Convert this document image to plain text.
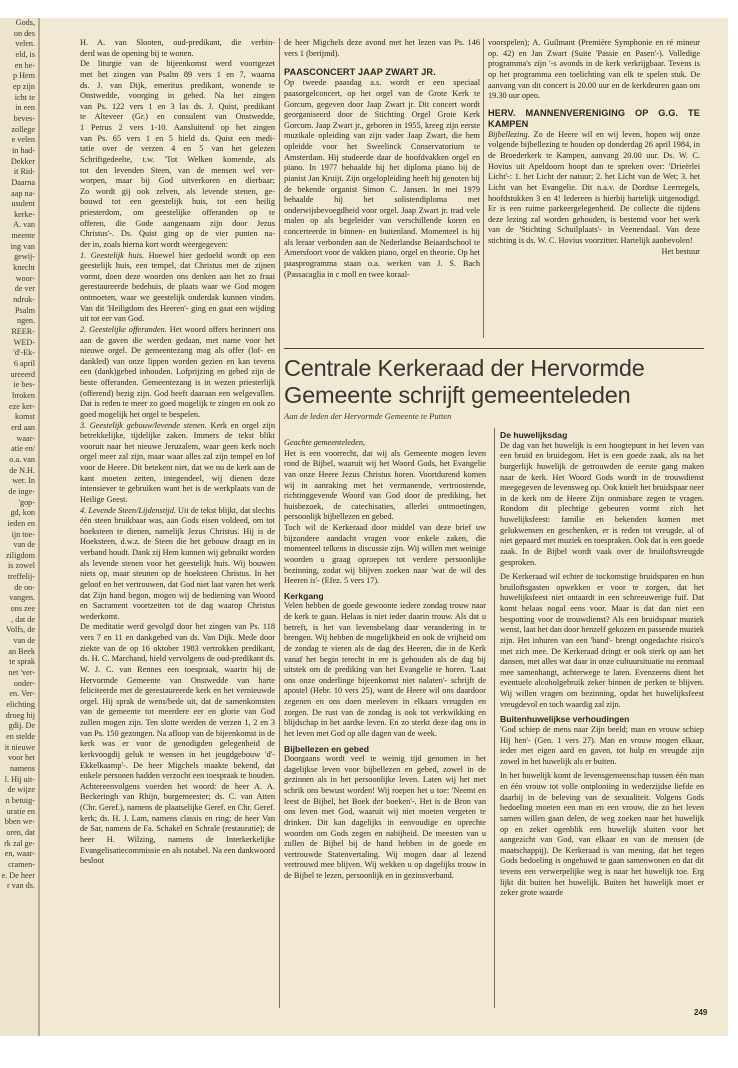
Gods,
on des
velen.
eld, is
en be-
p Hem
ep zijn
icht te
in een
beves-
zollege
e velen
in had-
Dekker
it Rid-
Daarna
aap na-
usulent
kerke-
A. van
meente
ing van
gewij-
knecht
woor-
de ver
ndruk-
Psalm
ngen.
REER-
WED-
'd'-Ek-
6 april
ureeerd
ie bes-
broken
eze ker-
komst
erd aan
waar-
atie en/
o.a. van
de N.H.
wer. In
de inge-
'gop-
gd, kon
ieden en
ijn toe-
van de
ziligdom
is zowel
treffelij-
de on-
vangen.
ons zee
, dat de
Volfs, de
van de
an Beek
te sprak
net 'ver-
onder-
en. Ver-
elichting
droeg hij
gdij. De
en stelde
it nieuwe
voor het
namens
l. Hij uit-
de wijze
n betuig-
uratie en
bben we-
oren, dat
rk zal ge-
en, waar-
cramen-
e. De heer
r van ds.
H. A. van Slooten, oud-predikant, die verbin-
derd was de opening bij te wonen.
De liturgie van de bijeenkomst werd voortgezet
met het zingen van Psalm 89 vers 1 en 7, waarna
ds. J. van Dijk, emeritus predikant, wonende te
Onstwedde, voorging in gebed. Na het zingen
van Ps. 122 vers 1 en 3 las ds. J. Quist, predikant
te Alteveer (Gr.) en consulent van Onstwedde,
1 Petrus 2 vers 1-10. Aansluitend op het zingen
van Ps. 65 vers 1 en 5 hield ds. Quist een medi-
tatie over de verzen 4 en 5 van het gelezen
Schriftgedeelte, t.w. 'Tot Welken komende, als
tot den levenden Steen, van de mensen wel ver-
worpen, maar bij God uitverkoren en dierbaar;
Zo wordt gij ook zelven, als levende stenen, ge-
bouwd tot een geestelijk huis, tot een heilig
priesterdom, om geestelijke offeranden op te
offeren, die Gode aangenaam zijn door Jezus
Christus'-. Ds. Quist ging op de vier punten na-
der in, zoals hierna kort wordt weergegeven:

1. Geestelijk huis. Hoewel hier gedoeld wordt op een geestelijk huis, een tempel, dat Christus met de zijnen vormt, doen deze woorden ons denken aan het zo fraai gerestaureerde bedehuis, de plaats waar we God mogen ontmoeten, waar we geestelijk onderdak kunnen vinden. Van dit 'Heiligdom des Heeren'- ging en gaat een wijding uit tot eer van God.

2. Geestelijke offeranden. Het woord offers herinnert ons aan de gaven die werden gedaan, met name voor het nieuwe orgel. De gemeentezang mag als offer (lof- en dankled) van onze lippen worden gezien en kan tevens een (dank)gebed inhouden. Lofprijzing en gebed zijn de beste offeranden. Gemeentezang is in wezen priesterlijk (offerend) bezig zijn. God heeft daaraan een welgevallen. Dat is reden te meer zo goed mogelijk te zingen en ook zo goed mogelijk het orgel te bespelen.

3. Geestelijk gebouw/levende stenen. Kerk en orgel zijn betrekkelijke, tijdelijke zaken. Immers de tekst blikt vooruit naar het nieuwe Jeruzalem, waar geen kerk noch orgel meer zal zijn, maar waar alles zal zijn tempel en lof voor de Heere. Dit betekent niet, dat we nu de kerk aan de kant moeten zetten, integendeel, wij dienen deze intensiever te gebruiken want het is de werkplaats van de Heilige Geest.

4. Levende Steen/Lijdenstijd. Uit de tekst blijkt, dat slechts één steen bruikbaar was, aan Gods eisen voldeed, om tot hoeksteen te dienen, namelijk Jezus Christus. Hij is de Hoeksteen, d.w.z. de Steen die het gebouw draagt en in verband houdt. Dank zij Hem kunnen wij gebruikt worden als levende stenen voor het geestelijk huis. Wij bouwen niets op, maar steunen op de hoeksteen Christus. In het geloof en het vertrouwen, dat God niet laat varen het werk dat Zijn hand begon, mogen wij de bediening van Woord en Sacrament voortzetten tot de dag waarop Christus wederkomt.

De meditatie werd gevolgd door het zingen van Ps. 118 vers 7 en 11 en dankgebed van ds. Van Dijk. Mede door ziekte van de op 16 oktober 1983 vertrokken predikant, ds. H. C. Marchand, hield vervolgens de oud-predikant ds. W. J. C. van Rennes een toespraak, waarin hij de Hervormde Gemeente van Onstwedde van harte feliciteerde met de gerestaureerde kerk en het vernieuwde orgel. Hij sprak de wens/bede uit, dat de samenkomsten van de gemeente tot meerdere eer en glorie van God zullen mogen zijn. Ten slotte werden de verzen 1, 2 en 3 van Ps. 150 gezongen. Na afloop van de bijeenkomst in de kerk was er voor de genodigden gelegenheid de kerkvoogdij geluk te wensen in het jeugdgebouw 'd'-Ekkelkaamp'-. De heer Migchels maakte bekend, dat enkele personen hadden verzocht een toespraak te houden. Achtereenvolgens voerden het woord: de heer A. A. Beckeringh van Rhijn, burgemeester; ds. C. van Atten (Chr. Geref.), namens de plaatselijke Geref. en Chr. Geref. kerk; ds. H. J. Lam, namens classis en ring; de heer Van de Sar, namens de Fa. Schakel en Schrale (restauratie); de heer H. Wilzing, namens de Interkerkelijke Evangelisatiecommissie en als notabel. Na een dankwoord besloot

de heer Migchels deze avond met het lezen van Ps. 146 vers 1 (berijmd).

PAASCONCERT JAAP ZWART JR.

Op tweede paasdag a.s. wordt er een speciaal paasorgelconcert, op het orgel van de Grote Kerk te Gorcum, gegeven door Jaap Zwart jr. Dit concert wordt georganiseerd door de Stichting Orgel Grote Kerk Gorcum. Jaap Zwart jr., geboren in 1955, kreeg zijn eerste muzikale opleiding van zijn vader Jaap Zwart, die hem opleidde voor het Sweelinck Conservatorium te Amsterdam. Hij studeerde daar de hoofdvakken orgel en piano. In 1977 behaalde hij het diploma piano bij de pianist Jan Kruijt. Zijn orgelopleiding heeft hij genoten bij de bekende organist Simon C. Jansen. In mei 1979 behaalde hij het solistendiploma met onderwijsbevoegdheid voor orgel. Jaap Zwart jr. trad vele malen op als begeleider van verschillende koren en concerteerde in binnen- en buitenland. Momenteel is hij als leraar verbonden aan de Nederlandse Beiaardschool te Amersfoort voor de vakken piano, orgel en theorie. Op het paasprogramma staan o.a. werken van J. S. Bach (Passacaglia in c moll en twee koraal-

voorspelen); A. Guilmant (Première Symphonie en ré mineur op. 42) en Jan Zwart (Suite 'Passie en Pasen'-). Volledige programma's zijn '-s avonds in de kerk verkrijgbaar. Tevens is op het programma een toelichting van elk te spelen stuk. De aanvang van dit concert is 20.00 uur en de kerkdeuren gaan om 19.30 uur open.

HERV. MANNENVERENIGING OP G.G. TE KAMPEN

Bijbellezing. Zo de Heere wil en wij leven, hopen wij onze volgende bijbellezing te houden op donderdag 26 april 1984, in de Broederkerk te Kampen, aanvang 20.00 uur. Ds. W. C. Hovius uit Apeldoorn hoopt dan te spreken over: 'Drieërlei Licht'-: 1. het Licht der natuur; 2. het Licht van de Wet; 3. het Licht van het Evangelie. Dit n.a.v. de Dordtse Leerregels, hoofdstukken 3 en 4! Iedereen is hierbij hartelijk uitgenodigd. Er is een ruime parkeergelegenheid. De collecte die tijdens deze lezing zal worden gehouden, is bestemd voor het werk van de 'Stichting Schuilplaats'- in Veenendaal. Van deze stichting is ds. W. C. Hovius voorzitter. Hartelijk aanbevolen!

Het bestuur
Centrale Kerkeraad der Hervormde Gemeente schrijft gemeenteleden
Aan de leden der Hervormde Gemeente te Putten

Geachte gemeenteleden,

Het is een voorrecht, dat wij als Gemeente mogen leven rond de Bijbel, waaruit wij het Woord Gods, het Evangelie van onze Heere Jezus Christus horen. Voortdurend komen wij in aanraking met het vermanende, vertroostende, richtinggevende Woord van God door de prediking, het huisbezoek, de catechisaties, allerlei ontmoetingen, persoonlijk bijbellezen en gebed.

Toch wil de Kerkeraad door middel van deze brief uw bijzondere aandacht vragen voor enkele zaken, die momenteel telkens in discussie zijn. Wij willen met weinige woorden u graag oproepen tot verdere persoonlijke bezinning, zodat wij blijven zoeken naar 'wat de wil des Heeren is'- (Efez. 5 vers 17).

Kerkgang

Velen hebben de goede gewoonte iedere zondag trouw naar de kerk te gaan. Helaas is niet ieder daarin trouw. Als dat u betreft, is het van levensbelang daar verandering in te brengen. Wij hebben de mogelijkheid en ook de vrijheid om de zondag te vieren als de dag des Heeren, die in de Kerk vanaf het begin terecht in ere is gehouden als de dag bij uitstek om de prediking van het Evangelie te horen. 'Laat ons onze onderlinge bijeenkomst niet nalaten'- schrijft de apostel (Hebr. 10 vers 25), want de Heere wil ons daardoor zegenen en ons doen meeleven in elkaars vreugden en zorgen. De rust van de zondag is ook tot verkwikking en blijdschap in het aardse leven. En zo sterkt deze dag ons in het leven met God op alle dagen van de week.

Bijbellezen en gebed

Doorgaans wordt veel te weinig tijd genomen in het dagelijkse leven voor bijbellezen en gebed, zowel in de gezinnen als in het persoonlijke leven. Laten wij het met schrik ons bewust worden! Wij roepen het u toe: 'Neemt en leest de Bijbel, het Boek der boeken'-. Het is de Bron van ons leven met God, waaruit wij niet moeten vergeten te drinken. Dit kan dagelijks in eenvoudige en oprechte woorden om Gods zegen en nabijheid. De meesten van u zullen de Bijbel bij de hand hebben in de goede en vertrouwde Statenvertaling. Wij mogen daar al lezend vertrouwd mee blijven. Wij wekken u op dagelijks trouw in de Bijbel te lezen, persoonlijk en in gezinsverband.

De huwelijksdag

De dag van het huwelijk is een hoogtepunt in het leven van een bruid en bruidegom. Het is een goede zaak, als na het burgerlijk huwelijk de getrouwden de eerste gang maken naar de kerk. Het Woord Gods wordt in de trouwdienst meegegeven de levensweg op. Ook knielt het bruidspaar neer in de kerk om de Heere Zijn onmisbare zegen te vragen. Rondom dit plechtige gebeuren vormt zich het huwelijksfeest: familie en bekenden komen met gelukwensen en geschenken, er is reden tot vreugde, al of niet gepaard met muziek en toespraken. Ook dat is een goede zaak. In de Bijbel wordt vaak over de bruiloftsvreugde gesproken.

De Kerkeraad wil echter de tockomstige bruidsparen en hun bruiloftsgasten opwekken er voor te zorgen, dat het huwelijksfeest niet ontaardt in een schreeuwerige fuif. Dat komt helaas nogal eens voor. Maar is dat dan niet een bespotting voor de trouwdienst? Als een bruidspaar muziek wenst, laat het dan door henzelf gekozen en passende muziek zijn. Het inhuren van een 'band'- brengt ongedachte risico's met zich mee. De Kerkeraad dringt er ook sterk op aan het dansen, met alles wat daar in onze cultuursituatie nu eenmaal mee samenhangt, achterwege te laten. Evenzeens dient het eventuele alcoholgebruik zeker binnen de perken te blijven. Wij willen vragen om bezinning, opdat het huwelijksfeest vreugdevol en toch waardig zal zijn.

Buitenhuwelijkse verhoudingen

'God schiep de mens naar Zijn beeld; man en vrouw schiep Hij hen'- (Gen. 1 vers 27). Man en vrouw mogen elkaar, ieder met eigen aard en gaven, tot hulp en vreugde zijn zowel in het huwelijk als er buiten.

In het huwelijk komt de levensgemeenschap tussen één man en één vrouw tot volle ontplooiing in wederzijdse liefde en daarbij in de beleving van de sexualiteit. Volgens Gods bedoeling moeten een man en een vrouw, die zo het leven samen willen gaan delen, de weg zoeken naar het huwelijk op en zeker ogenblik een huwelijk sluiten voor het aangezicht van God, van elkaar en van de mensen (de maatschappij). De Kerkeraad is van mening, dat het tegen Gods bedoeling is ongehuwd te gaan samenwonen en dat dit tevens een verwerpelijke weg is naar het huwelijk toe. Erg lijkt dit buiten het huwelijk. Buiten het huwelijk moet er zeker grote waarde

249
